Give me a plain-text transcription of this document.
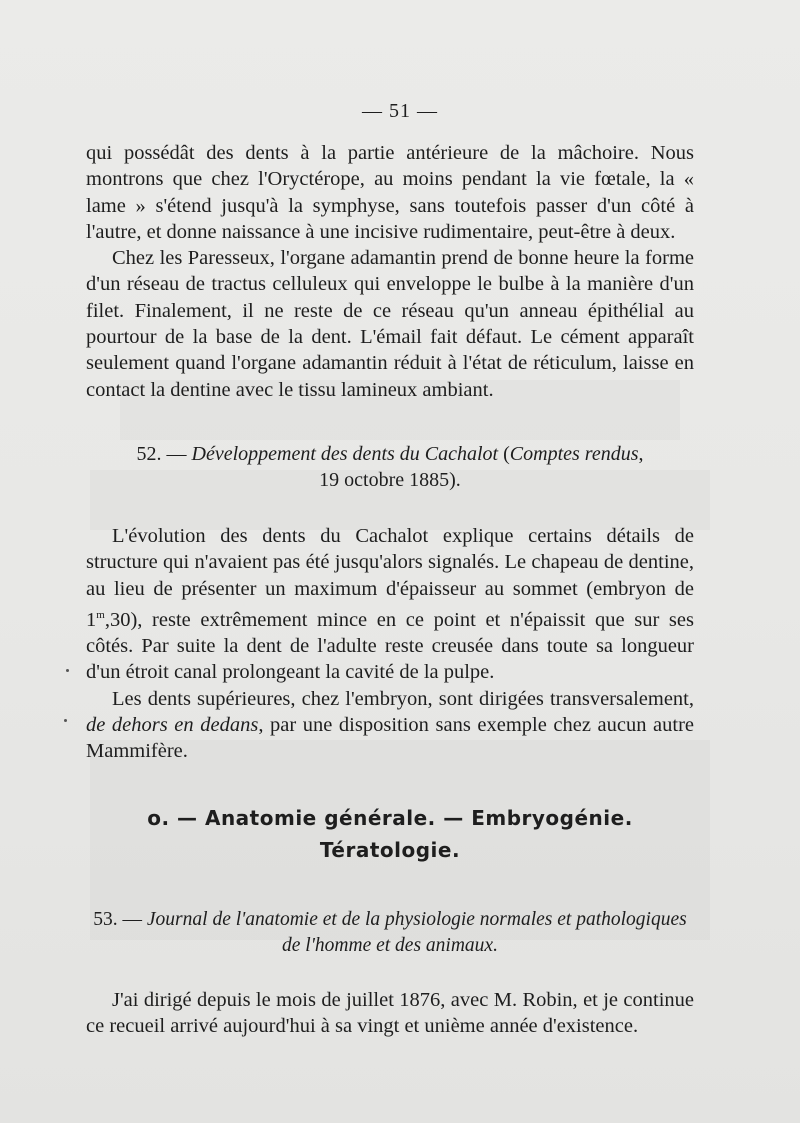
— 51 —

qui possédât des dents à la partie antérieure de la mâchoire. Nous montrons que chez l'Oryctérope, au moins pendant la vie fœtale, la « lame » s'étend jusqu'à la symphyse, sans toutefois passer d'un côté à l'autre, et donne naissance à une incisive rudimentaire, peut-être à deux.

Chez les Paresseux, l'organe adamantin prend de bonne heure la forme d'un réseau de tractus celluleux qui enveloppe le bulbe à la manière d'un filet. Finalement, il ne reste de ce réseau qu'un anneau épithélial au pourtour de la base de la dent. L'émail fait défaut. Le cément apparaît seulement quand l'organe adamantin réduit à l'état de réticulum, laisse en contact la dentine avec le tissu lamineux ambiant.

52. — Développement des dents du Cachalot (Comptes rendus,
19 octobre 1885).

L'évolution des dents du Cachalot explique certains détails de structure qui n'avaient pas été jusqu'alors signalés. Le chapeau de dentine, au lieu de présenter un maximum d'épaisseur au sommet (embryon de 1$^m$,30), reste extrêmement mince en ce point et n'épaissit que sur ses côtés. Par suite la dent de l'adulte reste creusée dans toute sa longueur d'un étroit canal prolongeant la cavité de la pulpe.

Les dents supérieures, chez l'embryon, sont dirigées transversalement, de dehors en dedans, par une disposition sans exemple chez aucun autre Mammifère.

o. — Anatomie générale. — Embryogénie.
Tératologie.
53. — Journal de l'anatomie et de la physiologie normales et pathologiques
de l'homme et des animaux.

J'ai dirigé depuis le mois de juillet 1876, avec M. Robin, et je continue ce recueil arrivé aujourd'hui à sa vingt et unième année d'existence.
